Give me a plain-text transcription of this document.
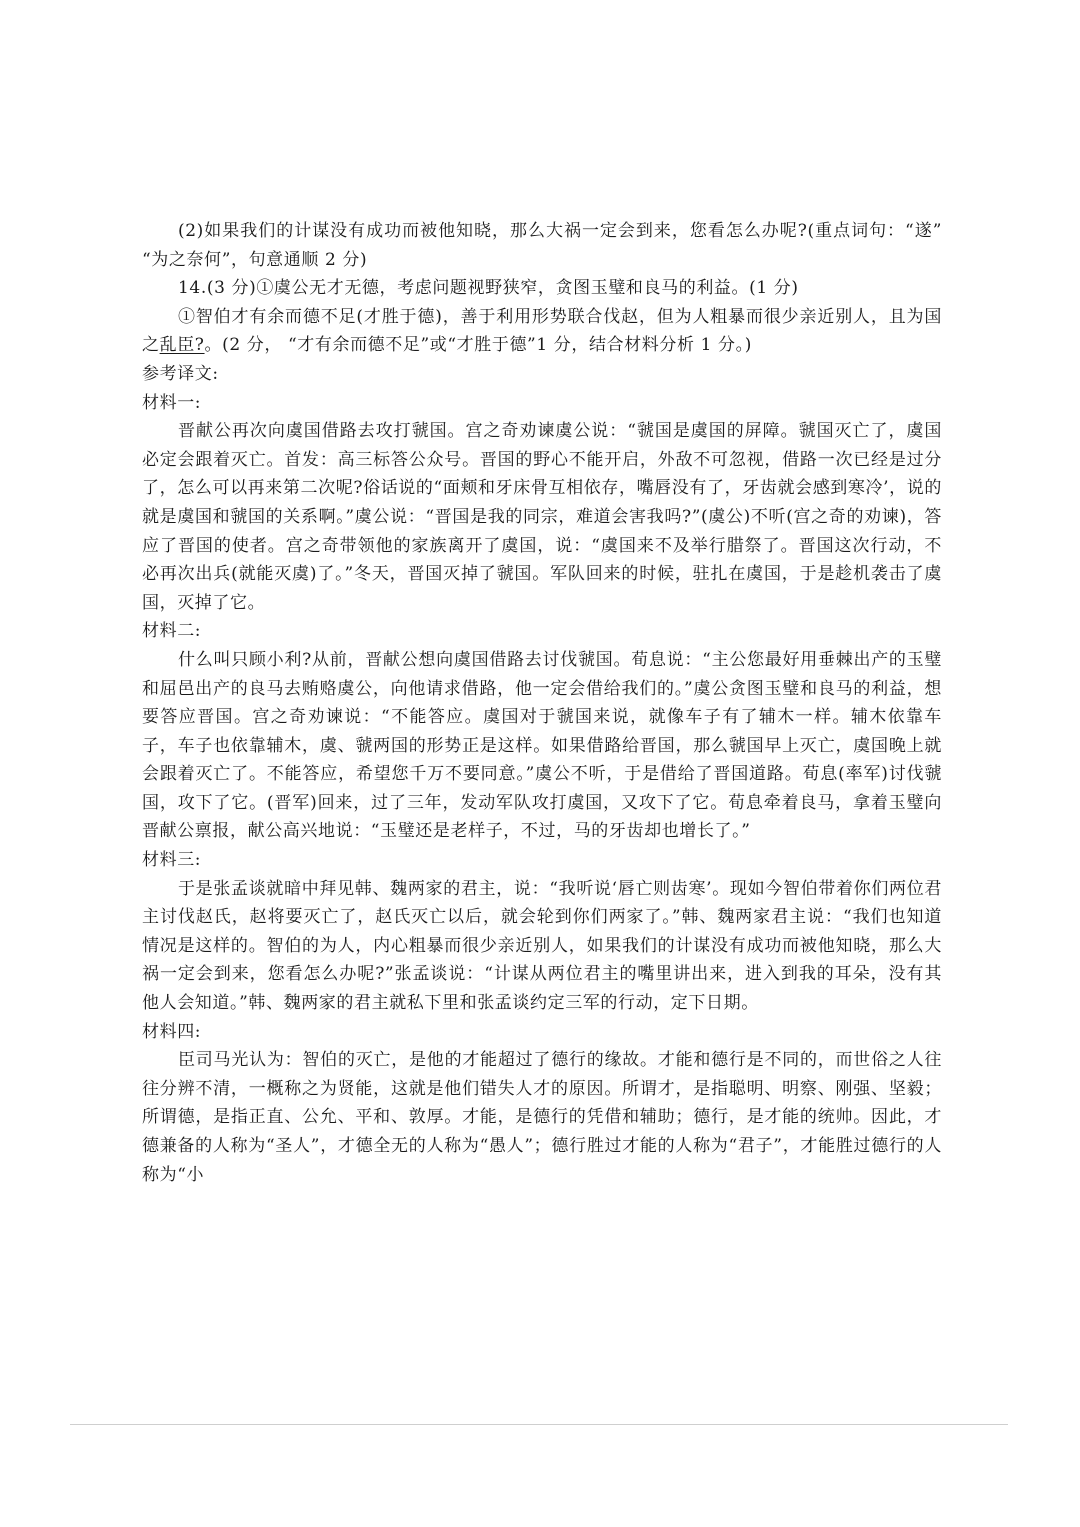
(2)如果我们的计谋没有成功而被他知晓，那么大祸一定会到来，您看怎么办呢?(重点词句：“遂” “为之奈何”，句意通顺 2 分)

14.(3 分)①虞公无才无德，考虑问题视野狭窄，贪图玉璧和良马的利益。(1 分)

①智伯才有余而德不足(才胜于德)，善于利用形势联合伐赵，但为人粗暴而很少亲近别人，且为国之乱臣?。(2 分， “才有余而德不足”或“才胜于德”1 分，结合材料分析 1 分。)

参考译文:

材料一:

晋献公再次向虞国借路去攻打虢国。宫之奇劝谏虞公说：“虢国是虞国的屏障。虢国灭亡了，虞国必定会跟着灭亡。首发：高三标答公众号。晋国的野心不能开启，外敌不可忽视，借路一次已经是过分了，怎么可以再来第二次呢?俗话说的“面颊和牙床骨互相依存，嘴唇没有了，牙齿就会感到寒冷’，说的就是虞国和虢国的关系啊。”虞公说：“晋国是我的同宗，难道会害我吗?”(虞公)不听(宫之奇的劝谏)，答应了晋国的使者。宫之奇带领他的家族离开了虞国，说：“虞国来不及举行腊祭了。晋国这次行动，不必再次出兵(就能灭虞)了。”冬天，晋国灭掉了虢国。军队回来的时候，驻扎在虞国，于是趁机袭击了虞国，灭掉了它。

材料二:

什么叫只顾小利?从前，晋献公想向虞国借路去讨伐虢国。荀息说：“主公您最好用垂棘出产的玉璧和屈邑出产的良马去贿赂虞公，向他请求借路，他一定会借给我们的。”虞公贪图玉璧和良马的利益，想要答应晋国。宫之奇劝谏说：“不能答应。虞国对于虢国来说，就像车子有了辅木一样。辅木依靠车子，车子也依靠辅木，虞、虢两国的形势正是这样。如果借路给晋国，那么虢国早上灭亡，虞国晚上就会跟着灭亡了。不能答应，希望您千万不要同意。”虞公不听，于是借给了晋国道路。荀息(率军)讨伐虢国，攻下了它。(晋军)回来，过了三年，发动军队攻打虞国，又攻下了它。荀息牵着良马，拿着玉璧向晋献公禀报，献公高兴地说：“玉璧还是老样子，不过，马的牙齿却也增长了。”

材料三:

于是张孟谈就暗中拜见韩、魏两家的君主，说：“我听说‘唇亡则齿寒’。现如今智伯带着你们两位君主讨伐赵氏，赵将要灭亡了，赵氏灭亡以后，就会轮到你们两家了。”韩、魏两家君主说：“我们也知道情况是这样的。智伯的为人，内心粗暴而很少亲近别人，如果我们的计谋没有成功而被他知晓，那么大祸一定会到来，您看怎么办呢?”张孟谈说：“计谋从两位君主的嘴里讲出来，进入到我的耳朵，没有其他人会知道。”韩、魏两家的君主就私下里和张孟谈约定三军的行动，定下日期。

材料四:

臣司马光认为：智伯的灭亡，是他的才能超过了德行的缘故。才能和德行是不同的，而世俗之人往往分辨不清，一概称之为贤能，这就是他们错失人才的原因。所谓才，是指聪明、明察、刚强、坚毅；所谓德，是指正直、公允、平和、敦厚。才能，是德行的凭借和辅助；德行，是才能的统帅。因此，才德兼备的人称为“圣人”，才德全无的人称为“愚人”；德行胜过才能的人称为“君子”，才能胜过德行的人称为“小
